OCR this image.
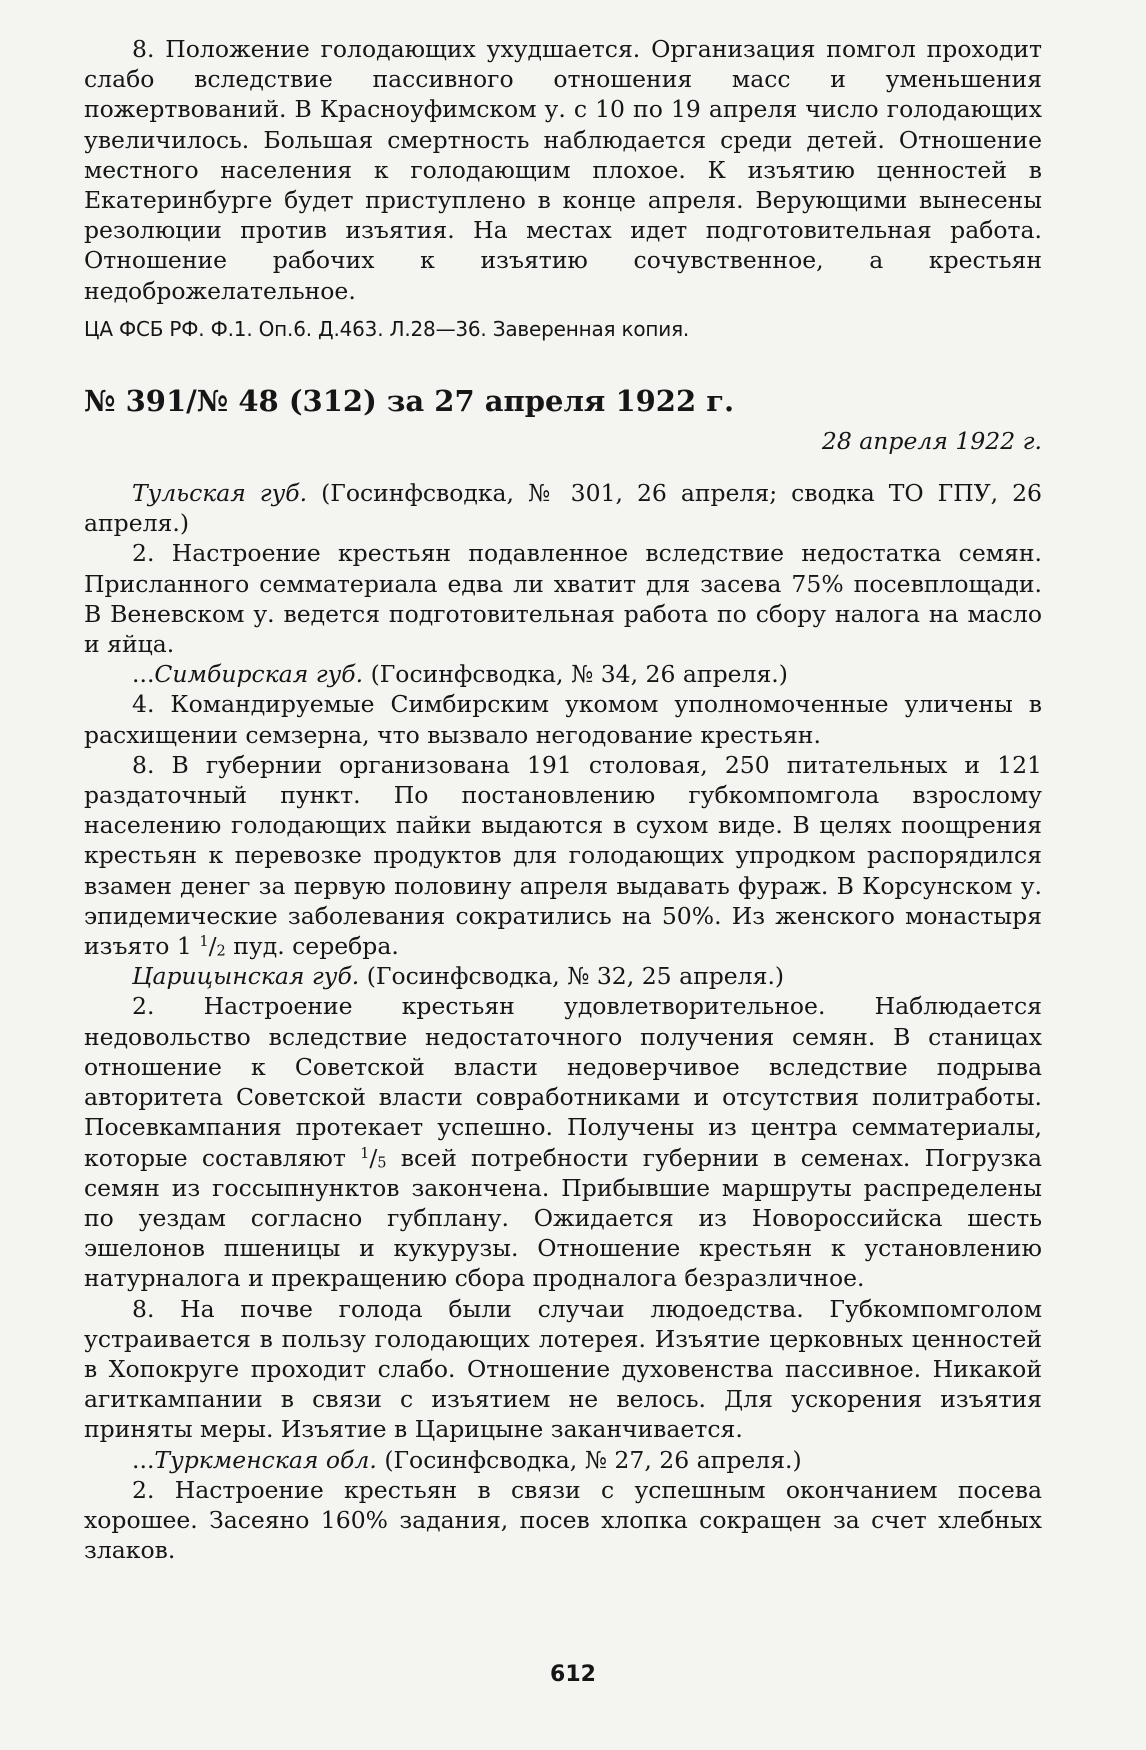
8. Положение голодающих ухудшается. Организация помгол проходит слабо вследствие пассивного отношения масс и уменьшения пожертвований. В Красноуфимском у. с 10 по 19 апреля число голодающих увеличилось. Большая смертность наблюдается среди детей. Отношение местного населения к голодающим плохое. К изъятию ценностей в Екатеринбурге будет приступлено в конце апреля. Верующими вынесены резолюции против изъятия. На местах идет подготовительная работа. Отношение рабочих к изъятию сочувственное, а крестьян недоброжелательное.

ЦА ФСБ РФ. Ф.1. Оп.6. Д.463. Л.28—36. Заверенная копия.

№ 391/№ 48 (312) за 27 апреля 1922 г.

28 апреля 1922 г.

Тульская губ. (Госинфсводка, № 301, 26 апреля; сводка ТО ГПУ, 26 апреля.)

2. Настроение крестьян подавленное вследствие недостатка семян. Присланного семматериала едва ли хватит для засева 75% посевплощади. В Веневском у. ведется подготовительная работа по сбору налога на масло и яйца.

...Симбирская губ. (Госинфсводка, № 34, 26 апреля.)

4. Командируемые Симбирским укомом уполномоченные уличены в расхищении семзерна, что вызвало негодование крестьян.

8. В губернии организована 191 столовая, 250 питательных и 121 раздаточный пункт. По постановлению губкомпомгола взрослому населению голодающих пайки выдаются в сухом виде. В целях поощрения крестьян к перевозке продуктов для голодающих упродком распорядился взамен денег за первую половину апреля выдавать фураж. В Корсунском у. эпидемические заболевания сократились на 50%. Из женского монастыря изъято 1 $^1/_2$ пуд. серебра.

Царицынская губ. (Госинфсводка, № 32, 25 апреля.)

2. Настроение крестьян удовлетворительное. Наблюдается недовольство вследствие недостаточного получения семян. В станицах отношение к Советской власти недоверчивое вследствие подрыва авторитета Советской власти совработниками и отсутствия политработы. Посевкампания протекает успешно. Получены из центра семматериалы, которые составляют $^1/_5$ всей потребности губернии в семенах. Погрузка семян из госсыпнунктов закончена. Прибывшие маршруты распределены по уездам согласно губплану. Ожидается из Новороссийска шесть эшелонов пшеницы и кукурузы. Отношение крестьян к установлению натурналога и прекращению сбора продналога безразличное.

8. На почве голода были случаи людоедства. Губкомпомголом устраивается в пользу голодающих лотерея. Изъятие церковных ценностей в Хопокруге проходит слабо. Отношение духовенства пассивное. Никакой агиткампании в связи с изъятием не велось. Для ускорения изъятия приняты меры. Изъятие в Царицыне заканчивается.

...Туркменская обл. (Госинфсводка, № 27, 26 апреля.)

2. Настроение крестьян в связи с успешным окончанием посева хорошее. Засеяно 160% задания, посев хлопка сокращен за счет хлебных злаков.

612
